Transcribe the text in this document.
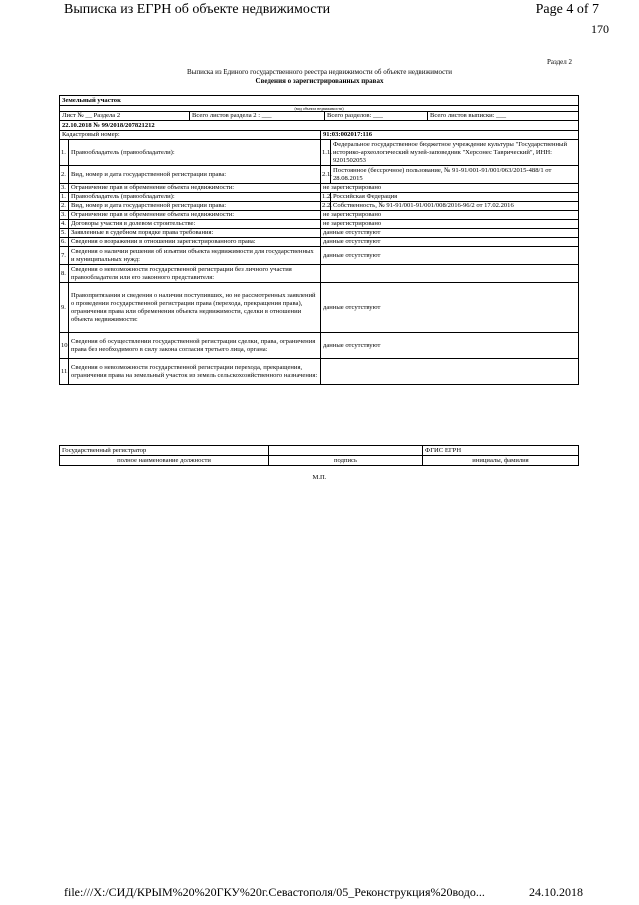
Выписка из ЕГРН об объекте недвижимости	Page 4 of 7
170
Раздел 2
Выписка из Единого государственного реестра недвижимости об объекте недвижимости
Сведения о зарегистрированных правах
Земельный участок
(вид объекта недвижимости)

Лист № __ Раздела 2	Всего листов раздела 2 : ___	Всего разделов: ___	Всего листов выписки: ___

22.10.2018 № 99/2018/207821212
Кадастровый номер:	91:03:002017:116
1.	Правообладатель (правообладатели):	1.1.	Федеральное государственное бюджетное учреждение культуры "Государственный историко-археологический музей-заповедник "Херсонес Таврический", ИНН: 9201502053
2.	Вид, номер и дата государственной регистрации права:	2.1.	Постоянное (бессрочное) пользование, № 91-91/001-91/001/063/2015-488/1 от 28.08.2015
3.	Ограничение прав и обременение объекта недвижимости:	не зарегистрировано
1.	Правообладатель (правообладатели):	1.2.	Российская Федерация
2.	Вид, номер и дата государственной регистрации права:	2.2.	Собственность, № 91-91/001-91/001/008/2016-96/2 от 17.02.2016
3.	Ограничение прав и обременение объекта недвижимости:	не зарегистрировано
4.	Договоры участия в долевом строительстве:	не зарегистрировано
5.	Заявленные в судебном порядке права требования:	данные отсутствуют
6.	Сведения о возражении в отношении зарегистрированного права:	данные отсутствуют
7.	Сведения о наличии решения об изъятии объекта недвижимости для государственных и муниципальных нужд:	данные отсутствуют
8.	Сведения о невозможности государственной регистрации без личного участия правообладателя или его законного представителя:	
9.	Правопритязания и сведения о наличии поступивших, но не рассмотренных заявлений о проведении государственной регистрации права (перехода, прекращения права), ограничения права или обременения объекта недвижимости, сделки в отношении объекта недвижимости:	данные отсутствуют
10.	Сведения об осуществлении государственной регистрации сделки, права, ограничения права без необходимого в силу закона согласия третьего лица, органа:	данные отсутствуют
11.	Сведения о невозможности государственной регистрации перехода, прекращения, ограничения права на земельный участок из земель сельскохозяйственного назначения:	
Государственный регистратор		ФГИС ЕГРН
полное наименование должности	подпись	инициалы, фамилия
М.П.
file:///X:/СИД/КРЫМ%20%20ГКУ%20г.Севастополя/05_Реконструкция%20водо...	24.10.2018
